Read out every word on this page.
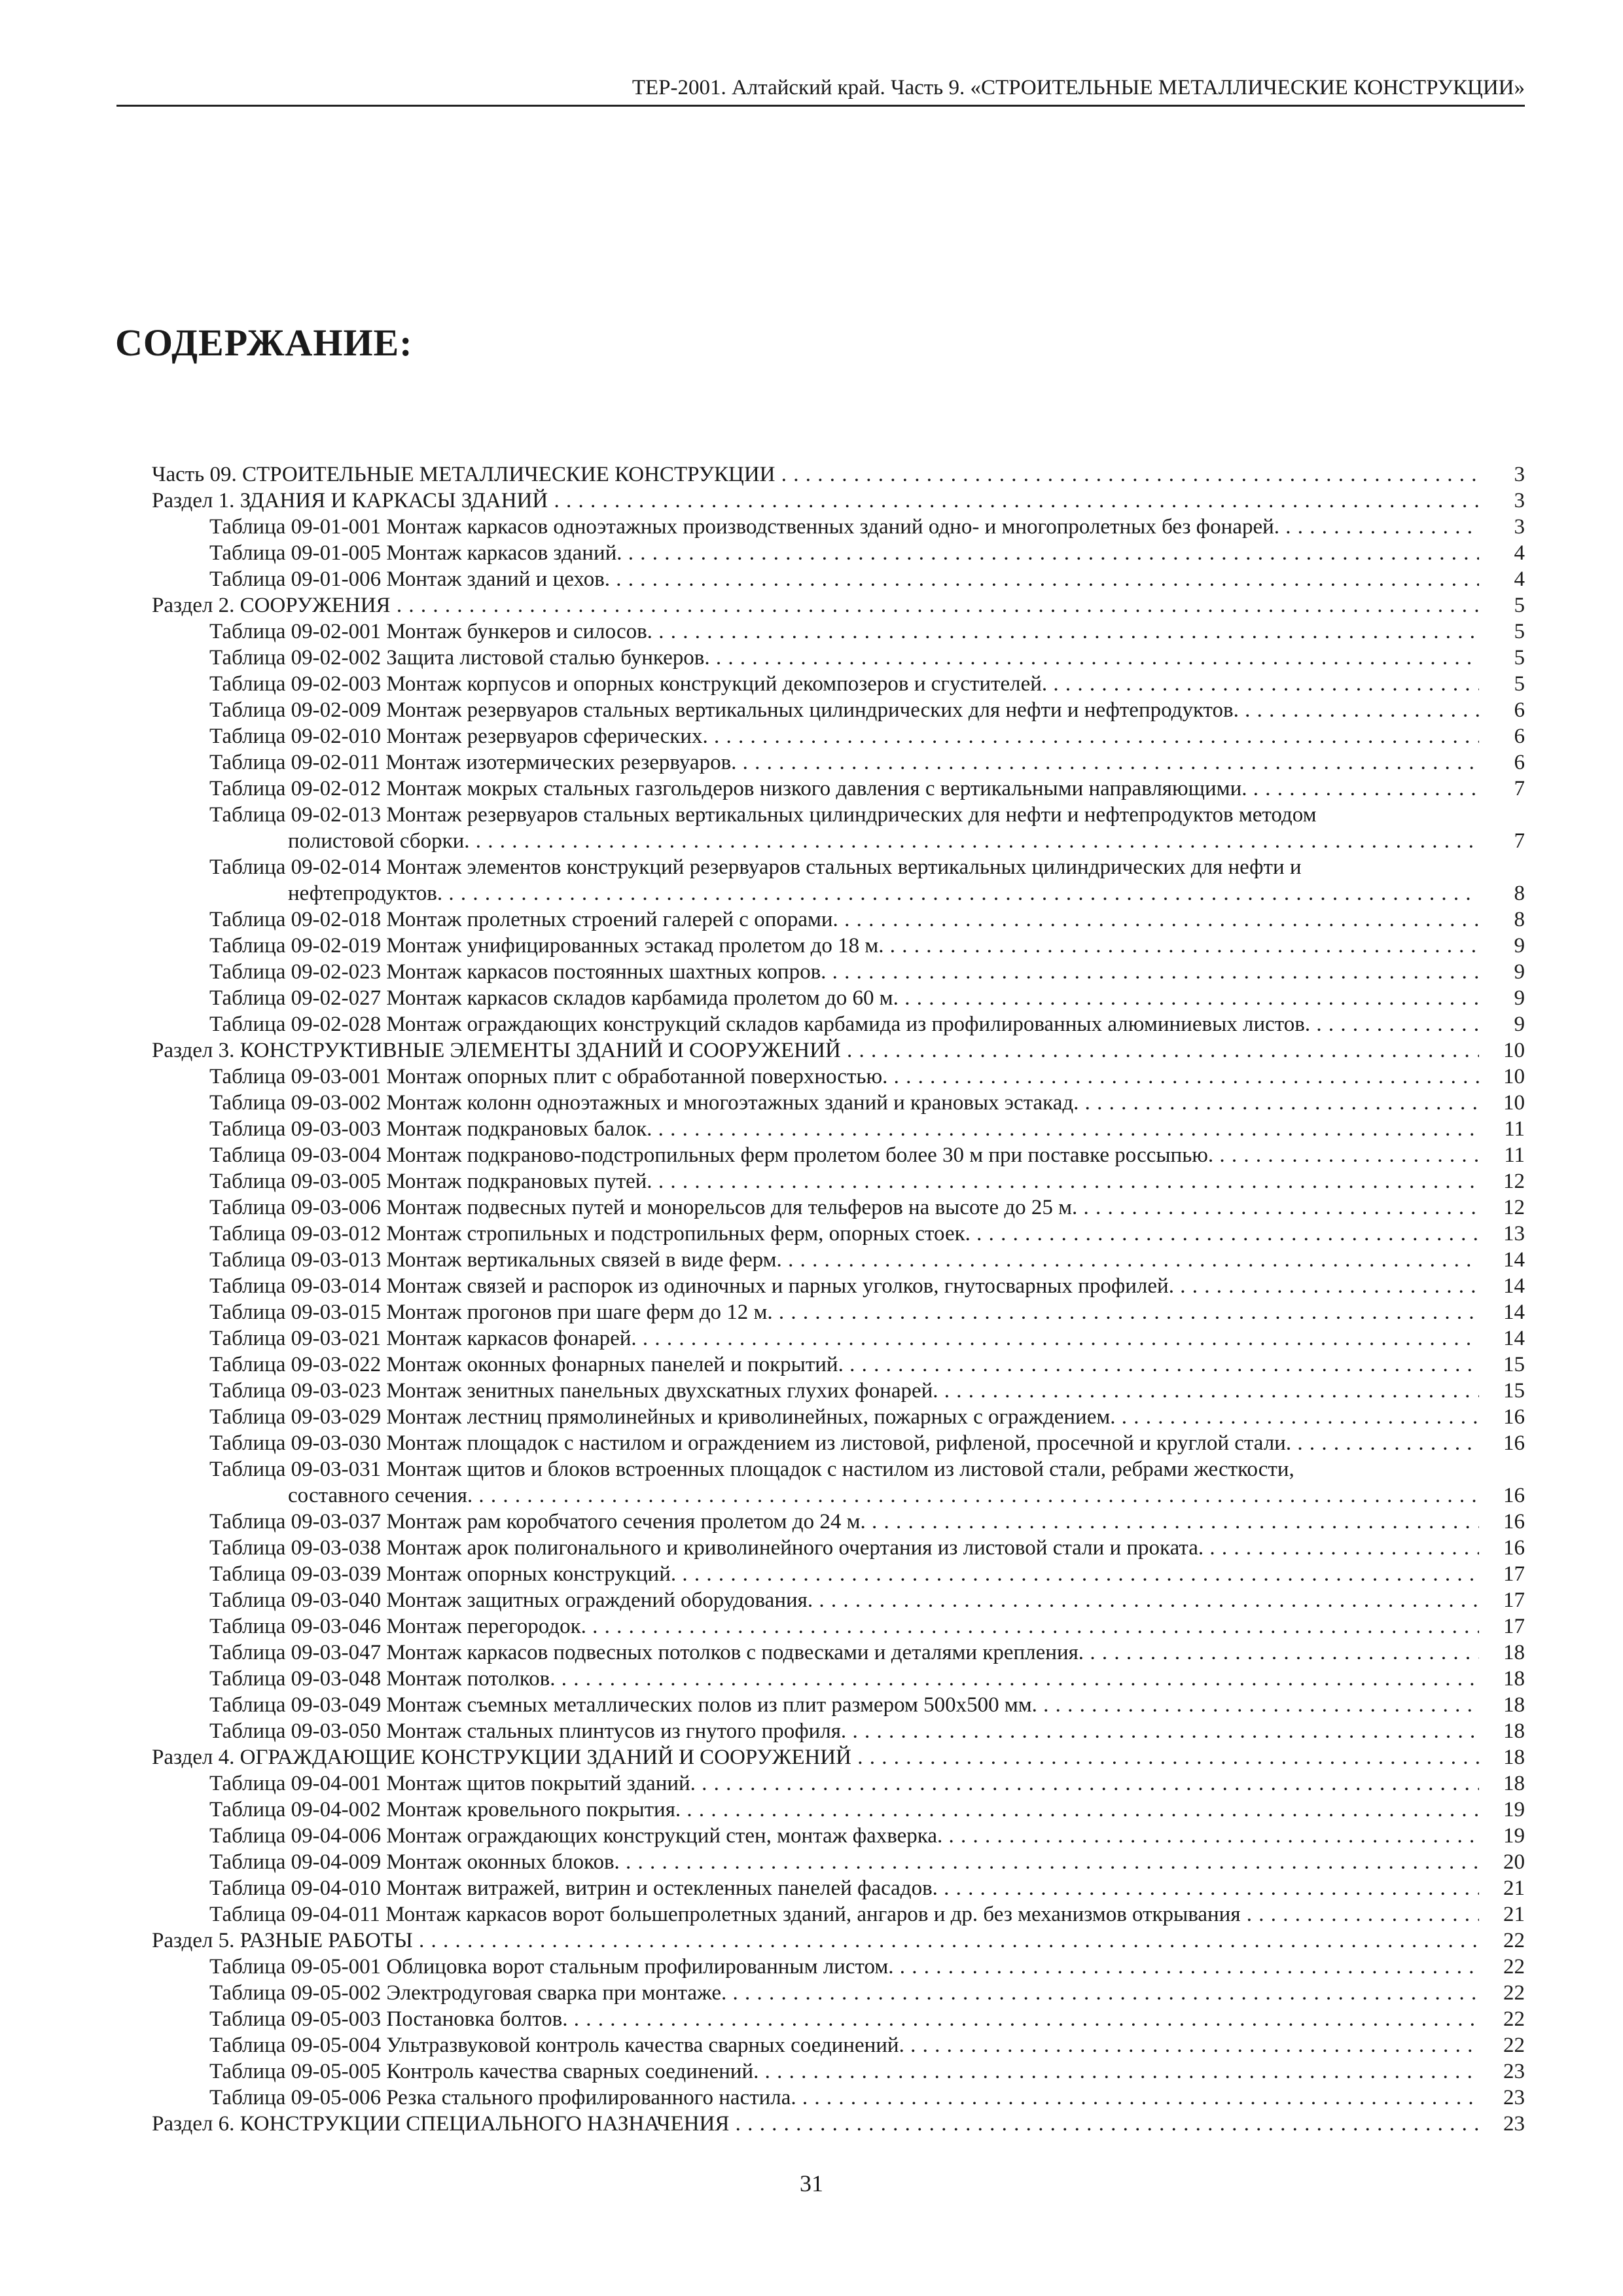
ТЕР-2001. Алтайский край. Часть 9. «СТРОИТЕЛЬНЫЕ МЕТАЛЛИЧЕСКИЕ КОНСТРУКЦИИ»
СОДЕРЖАНИЕ:
Часть 09. СТРОИТЕЛЬНЫЕ МЕТАЛЛИЧЕСКИЕ КОНСТРУКЦИИ . . .	3
Раздел 1. ЗДАНИЯ И КАРКАСЫ ЗДАНИЙ . . .	3
Таблица 09-01-001 Монтаж каркасов одноэтажных производственных зданий одно- и многопролетных без фонарей. . . .	3
Таблица 09-01-005 Монтаж каркасов зданий. . . .	4
Таблица 09-01-006 Монтаж зданий и цехов. . . .	4
Раздел 2. СООРУЖЕНИЯ . . .	5
Таблица 09-02-001 Монтаж бункеров и силосов. . . .	5
Таблица 09-02-002 Защита листовой сталью бункеров. . . .	5
Таблица 09-02-003 Монтаж корпусов и опорных конструкций декомпозеров и сгустителей. . . .	5
Таблица 09-02-009 Монтаж резервуаров стальных вертикальных цилиндрических для нефти и нефтепродуктов. . . .	6
Таблица 09-02-010 Монтаж резервуаров сферических. . . .	6
Таблица 09-02-011 Монтаж изотермических резервуаров. . . .	6
Таблица 09-02-012 Монтаж мокрых стальных газгольдеров низкого давления с вертикальными направляющими. . . .	7
Таблица 09-02-013 Монтаж резервуаров стальных вертикальных цилиндрических для нефти и нефтепродуктов методом
полистовой сборки. . . .	7
Таблица 09-02-014 Монтаж элементов конструкций резервуаров стальных вертикальных цилиндрических для нефти и
нефтепродуктов. . . .	8
Таблица 09-02-018 Монтаж пролетных строений галерей с опорами. . . .	8
Таблица 09-02-019 Монтаж унифицированных эстакад пролетом до 18 м. . . .	9
Таблица 09-02-023 Монтаж каркасов постоянных шахтных копров. . . .	9
Таблица 09-02-027 Монтаж каркасов складов карбамида пролетом до 60 м. . . .	9
Таблица 09-02-028 Монтаж ограждающих конструкций складов карбамида из профилированных алюминиевых листов. . . .	9
Раздел 3. КОНСТРУКТИВНЫЕ ЭЛЕМЕНТЫ ЗДАНИЙ И СООРУЖЕНИЙ . . .	10
Таблица 09-03-001 Монтаж опорных плит с обработанной поверхностью. . . .	10
Таблица 09-03-002 Монтаж колонн одноэтажных и многоэтажных зданий и крановых эстакад. . . .	10
Таблица 09-03-003 Монтаж подкрановых балок. . . .	11
Таблица 09-03-004 Монтаж подкраново-подстропильных ферм пролетом более 30 м при поставке россыпью. . . .	11
Таблица 09-03-005 Монтаж подкрановых путей. . . .	12
Таблица 09-03-006 Монтаж подвесных путей и монорельсов для тельферов на высоте до 25 м. . . .	12
Таблица 09-03-012 Монтаж стропильных и подстропильных ферм, опорных стоек. . . .	13
Таблица 09-03-013 Монтаж вертикальных связей в виде ферм. . . .	14
Таблица 09-03-014 Монтаж связей и распорок из одиночных и парных уголков, гнутосварных профилей. . . .	14
Таблица 09-03-015 Монтаж прогонов при шаге ферм до 12 м. . . .	14
Таблица 09-03-021 Монтаж каркасов фонарей. . . .	14
Таблица 09-03-022 Монтаж оконных фонарных панелей и покрытий. . . .	15
Таблица 09-03-023 Монтаж зенитных панельных двухскатных глухих фонарей. . . .	15
Таблица 09-03-029 Монтаж лестниц прямолинейных и криволинейных, пожарных с ограждением. . . .	16
Таблица 09-03-030 Монтаж площадок с настилом и ограждением из листовой, рифленой, просечной и круглой стали. . . .	16
Таблица 09-03-031 Монтаж щитов и блоков встроенных площадок с настилом из листовой стали, ребрами жесткости,
составного сечения. . . .	16
Таблица 09-03-037 Монтаж рам коробчатого сечения пролетом до 24 м. . . .	16
Таблица 09-03-038 Монтаж арок полигонального и криволинейного очертания из листовой стали и проката. . . .	16
Таблица 09-03-039 Монтаж опорных конструкций. . . .	17
Таблица 09-03-040 Монтаж защитных ограждений оборудования. . . .	17
Таблица 09-03-046 Монтаж перегородок. . . .	17
Таблица 09-03-047 Монтаж каркасов подвесных потолков с подвесками и деталями крепления. . . .	18
Таблица 09-03-048 Монтаж потолков. . . .	18
Таблица 09-03-049 Монтаж съемных металлических полов из плит размером 500х500 мм. . . .	18
Таблица 09-03-050 Монтаж стальных плинтусов из гнутого профиля. . . .	18
Раздел 4. ОГРАЖДАЮЩИЕ КОНСТРУКЦИИ ЗДАНИЙ И СООРУЖЕНИЙ . . .	18
Таблица 09-04-001 Монтаж щитов покрытий зданий. . . .	18
Таблица 09-04-002 Монтаж кровельного покрытия. . . .	19
Таблица 09-04-006 Монтаж ограждающих конструкций стен, монтаж фахверка. . . .	19
Таблица 09-04-009 Монтаж оконных блоков. . . .	20
Таблица 09-04-010 Монтаж витражей, витрин и остекленных панелей фасадов. . . .	21
Таблица 09-04-011 Монтаж каркасов ворот большепролетных зданий, ангаров и др. без механизмов открывания . . .	21
Раздел 5. РАЗНЫЕ РАБОТЫ . . .	22
Таблица 09-05-001 Облицовка ворот стальным профилированным листом. . . .	22
Таблица 09-05-002 Электродуговая сварка при монтаже. . . .	22
Таблица 09-05-003 Постановка болтов. . . .	22
Таблица 09-05-004 Ультразвуковой контроль качества сварных соединений. . . .	22
Таблица 09-05-005 Контроль качества сварных соединений. . . .	23
Таблица 09-05-006 Резка стального профилированного настила. . . .	23
Раздел 6. КОНСТРУКЦИИ СПЕЦИАЛЬНОГО НАЗНАЧЕНИЯ . . .	23
31
